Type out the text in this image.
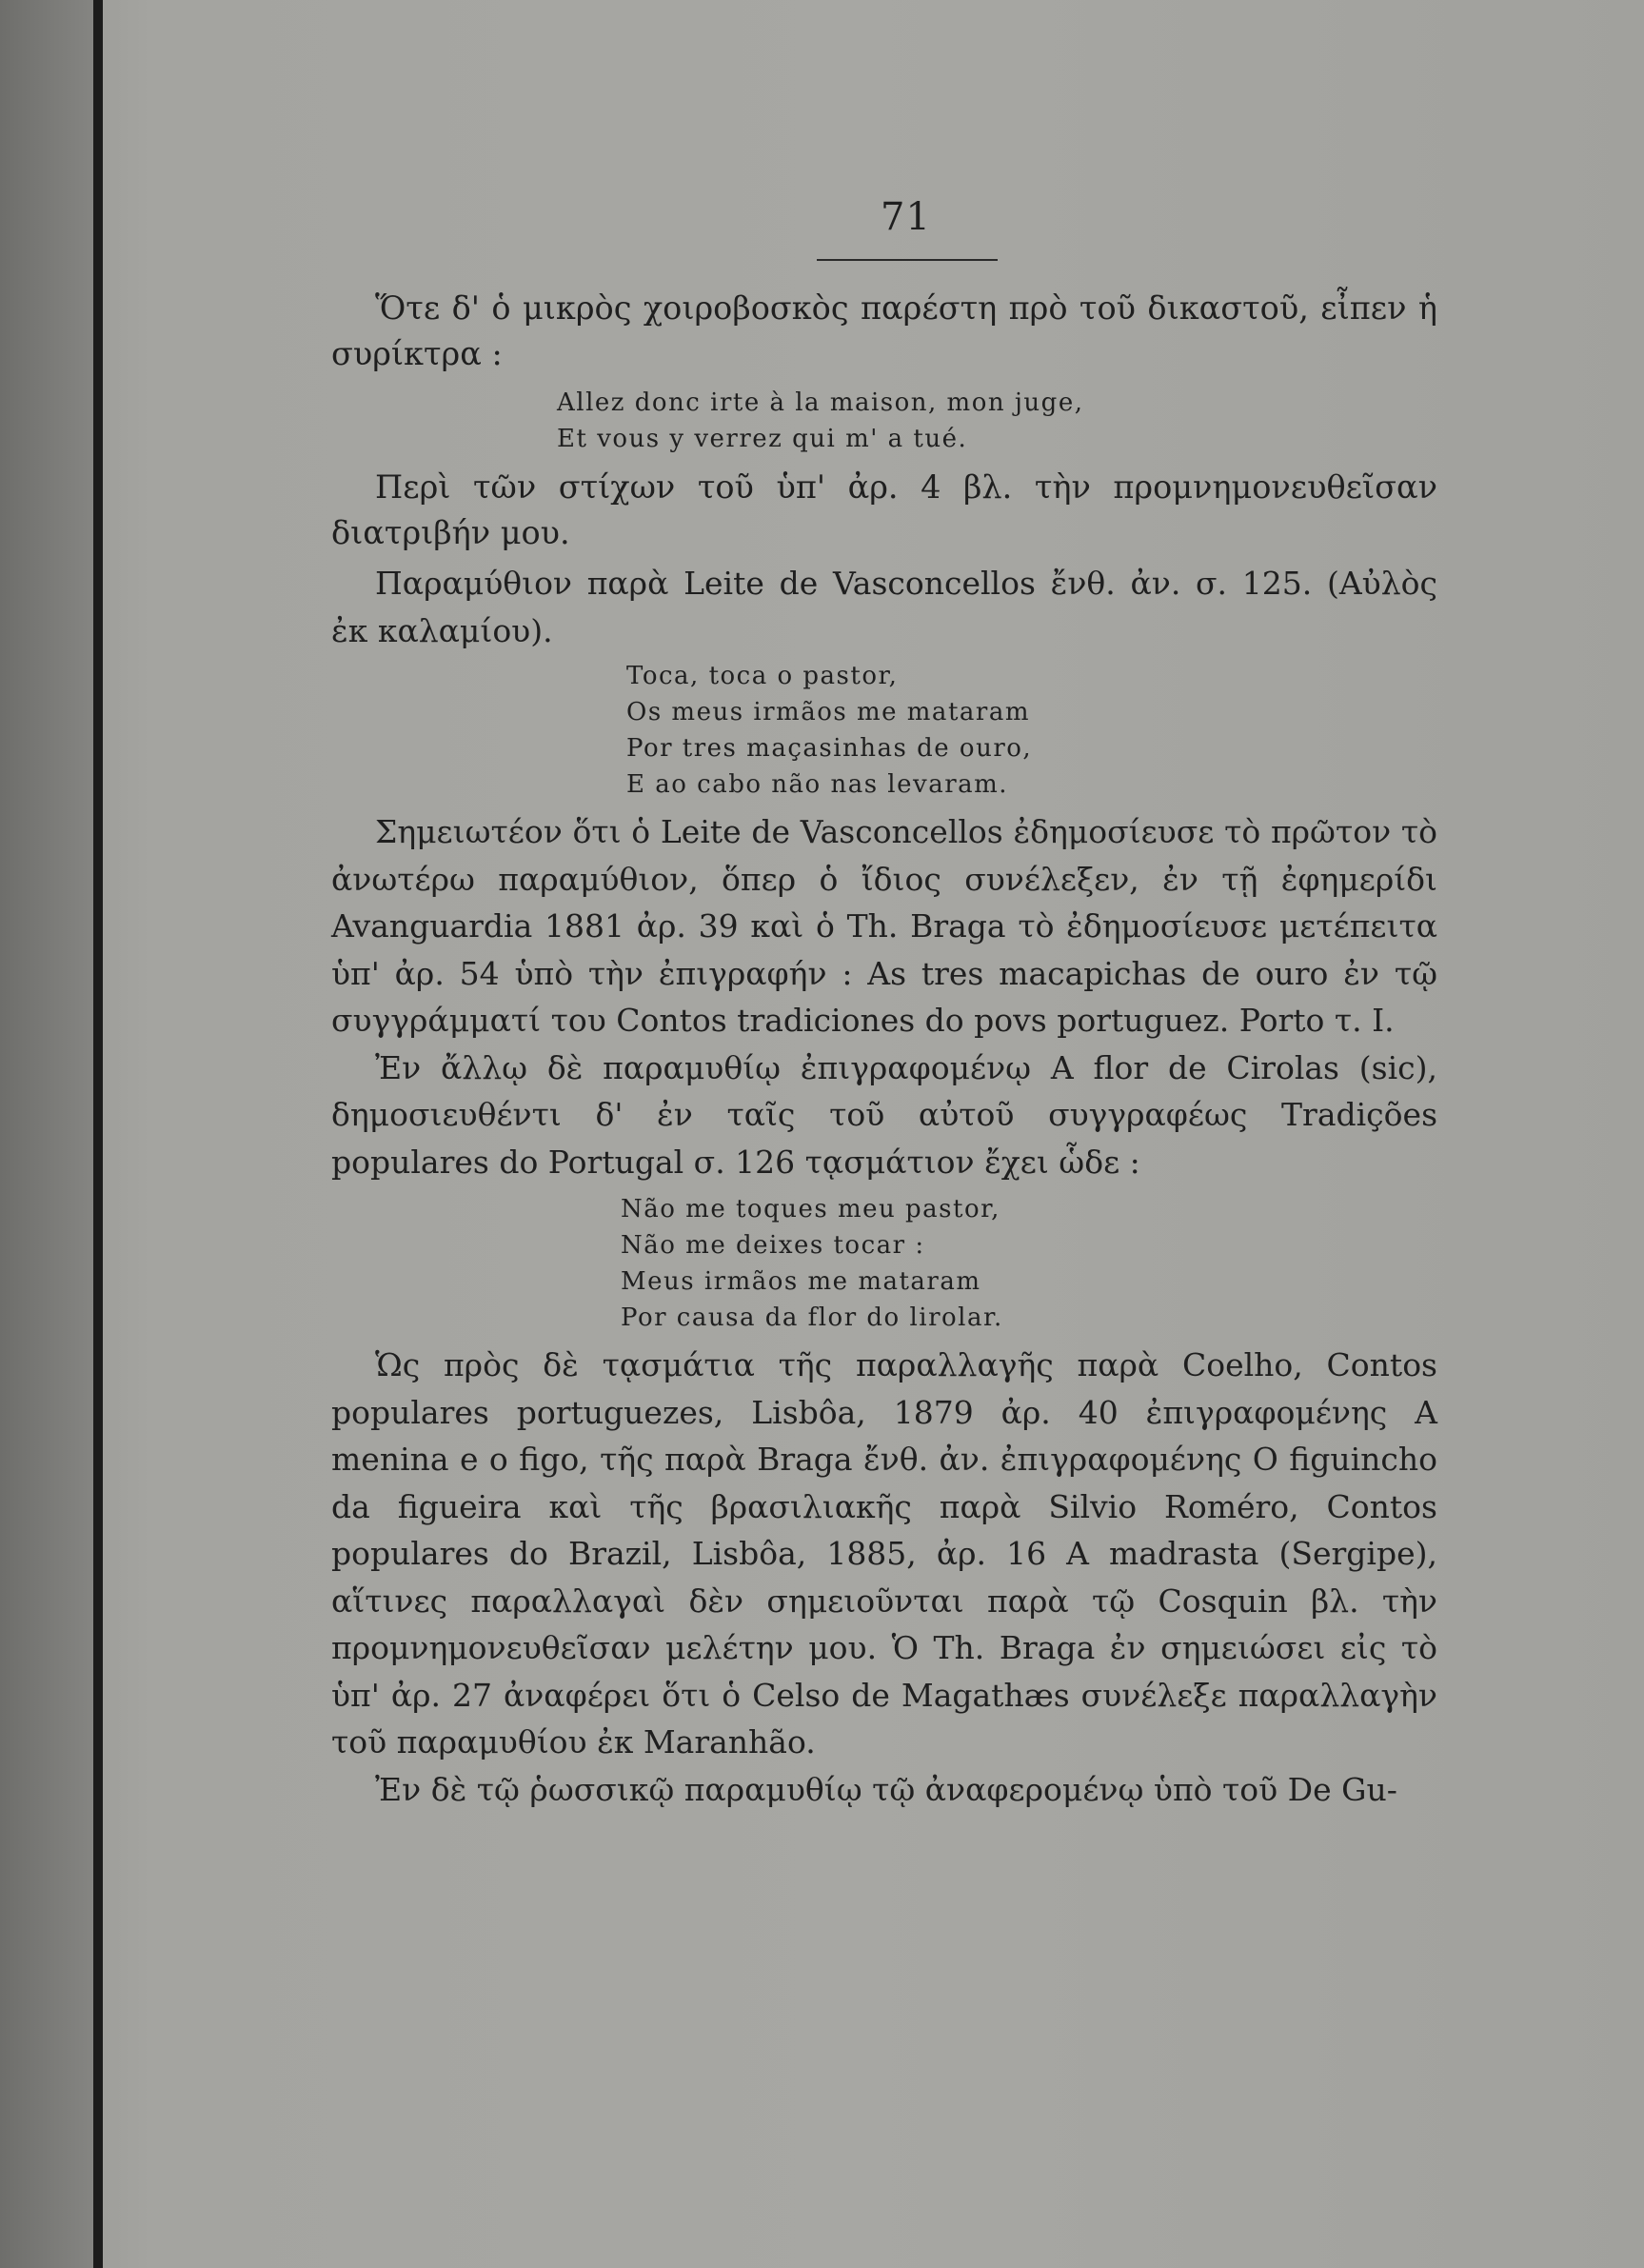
71

Ὅτε δ' ὁ μικρὸς χοιροβοσκὸς παρέστη πρὸ τοῦ δικαστοῦ, εἶπεν ἡ συρίκτρα :

Allez donc irte à la maison, mon juge,
Et vous y verrez qui m' a tué.

Περὶ τῶν στίχων τοῦ ὑπ' ἀρ. 4 βλ. τὴν προμνημονευθεῖσαν διατριβήν μου.

Παραμύθιον παρὰ Leite de Vasconcellos ἔνθ. ἀν. σ. 125. (Αὐλὸς ἐκ καλαμίου).

Toca, toca o pastor,
Os meus irmãos me mataram
Por tres maçasinhas de ouro,
E ao cabo não nas levaram.

Σημειωτέον ὅτι ὁ Leite de Vasconcellos ἐδημοσίευσε τὸ πρῶτον τὸ ἀνωτέρω παραμύθιον, ὅπερ ὁ ἴδιος συνέλεξεν, ἐν τῇ ἐφημερίδι Avanguardia 1881 ἀρ. 39 καὶ ὁ Th. Braga τὸ ἐδημοσίευσε μετέπειτα ὑπ' ἀρ. 54 ὑπὸ τὴν ἐπιγραφήν : As tres macapichas de ouro ἐν τῷ συγγράμματί του Contos tradiciones do povs portuguez. Porto τ. I.

Ἐν ἄλλῳ δὲ παραμυθίῳ ἐπιγραφομένῳ A flor de Cirolas (sic), δημοσιευθέντι δ' ἐν ταῖς τοῦ αὐτοῦ συγγραφέως Tradições populares do Portugal σ. 126 τᾳσμάτιον ἔχει ὧδε :

Não me toques meu pastor,
Não me deixes tocar :
Meus irmãos me mataram
Por causa da flor do lirolar.

Ὡς πρὸς δὲ τᾳσμάτια τῆς παραλλαγῆς παρὰ Coelho, Contos populares portuguezes, Lisbôa, 1879 ἀρ. 40 ἐπιγραφομένης A menina e o figo, τῆς παρὰ Braga ἔνθ. ἀν. ἐπιγραφομένης O figuincho da figueira καὶ τῆς βρασιλιακῆς παρὰ Silvio Roméro, Contos populares do Brazil, Lisbôa, 1885, ἀρ. 16 A madrasta (Sergipe), αἵτινες παραλλαγαὶ δὲν σημειοῦνται παρὰ τῷ Cosquin βλ. τὴν προμνημονευθεῖσαν μελέτην μου. Ὁ Th. Braga ἐν σημειώσει εἰς τὸ ὑπ' ἀρ. 27 ἀναφέρει ὅτι ὁ Celso de Magathæs συνέλεξε παραλλαγὴν τοῦ παραμυθίου ἐκ Maranhão.

Ἐν δὲ τῷ ῥωσσικῷ παραμυθίῳ τῷ ἀναφερομένῳ ὑπὸ τοῦ De Gu-
